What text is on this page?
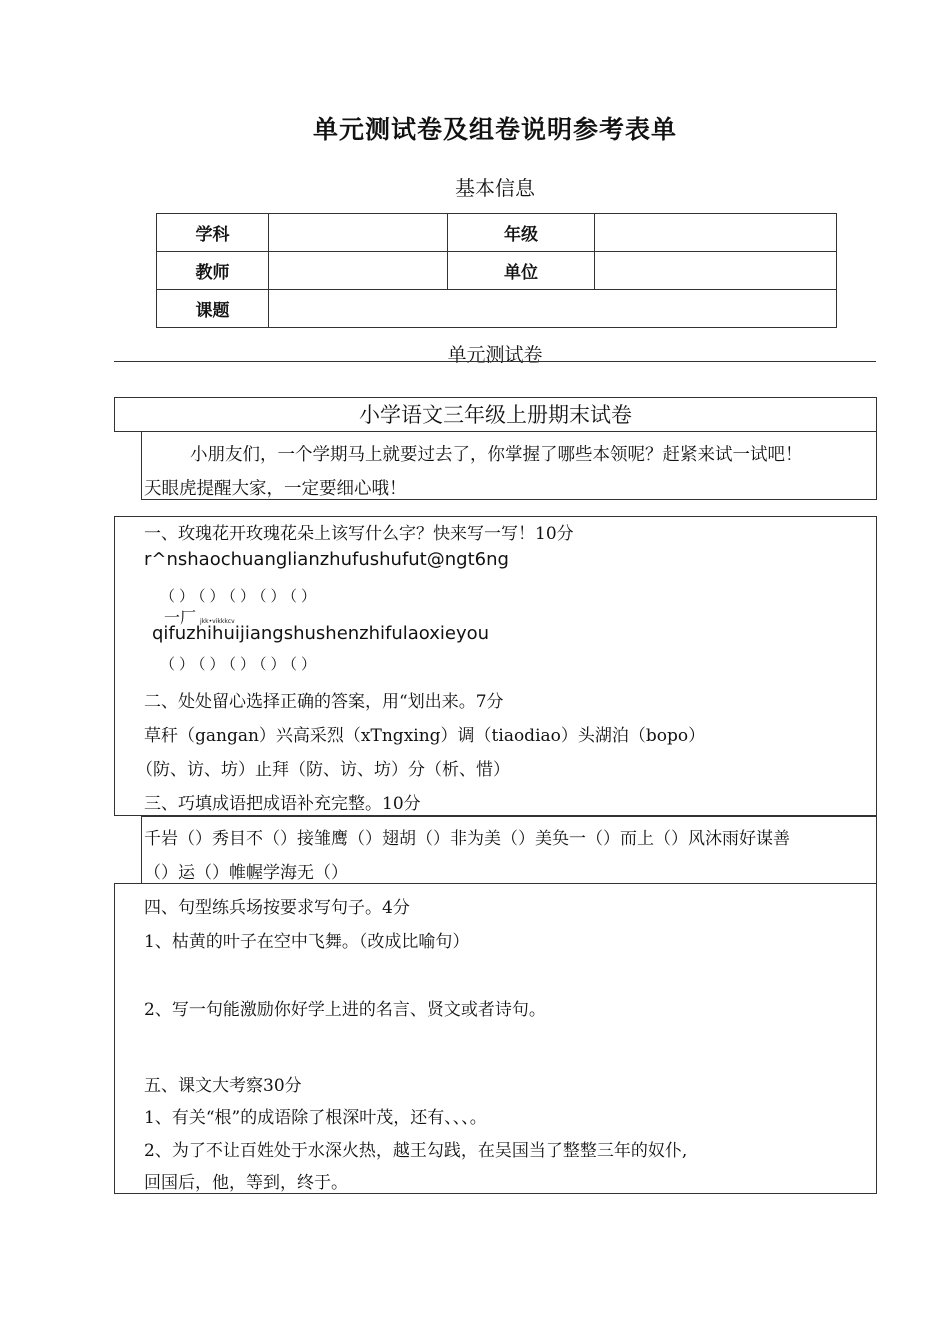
单元测试卷及组卷说明参考表单
基本信息
学科		年级	
教师		单位	
课题			
单元测试卷
小学语文三年级上册期末试卷
小朋友们，一个学期马上就要过去了，你掌握了哪些本领呢？赶紧来试一试吧！
天眼虎提醒大家，一定要细心哦！
一、玫瑰花开玫瑰花朵上该写什么字？快来写一写！10分
r^nshaochuanglianzhufushufut@ngt6ng
（）（）（）（）（）
一厂 jkk•vikkkcv
qifuzhihuijiangshushenzhifulaoxieyou
（）（）（）（）（）
二、处处留心选择正确的答案，用“划出来。7分
草秆（gangan）兴高采烈（xTngxing）调（tiaodiao）头湖泊（bopo）
（防、访、坊）止拜（防、访、坊）分（析、惜）
三、巧填成语把成语补充完整。10分
千岩（）秀目不（）接雏鹰（）翅胡（）非为美（）美奂一（）而上（）风沐雨好谋善
（）运（）帷幄学海无（）
四、句型练兵场按要求写句子。4分
1、枯黄的叶子在空中飞舞。（改成比喻句）
2、写一句能激励你好学上进的名言、贤文或者诗句。
五、课文大考察30分
1、有关“根”的成语除了根深叶茂，还有、、、。
2、为了不让百姓处于水深火热，越王勾践，在吴国当了整整三年的奴仆,
回国后，他，等到，终于。
